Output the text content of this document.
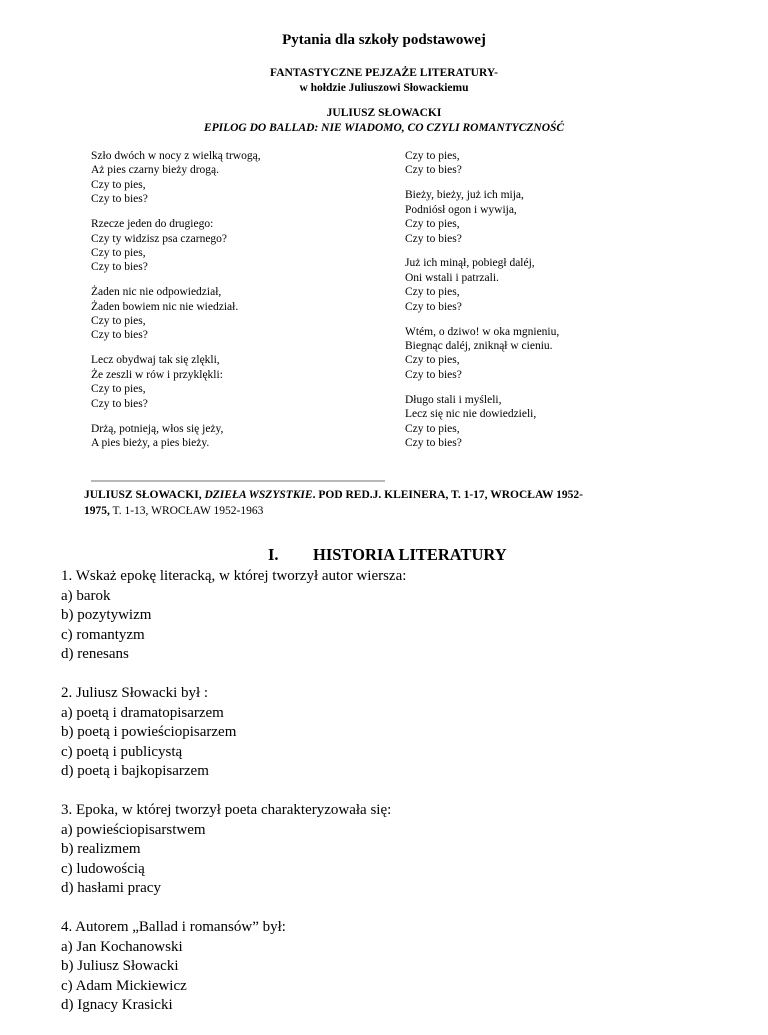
Pytania dla szkoły podstawowej
FANTASTYCZNE PEJZAŻE LITERATURY-
w hołdzie Juliuszowi Słowackiemu
JULIUSZ SŁOWACKI
EPILOG DO BALLAD: NIE WIADOMO, CO CZYLI ROMANTYCZNOŚĆ
Szło dwóch w nocy z wielką trwogą,
Aż pies czarny bieży drogą.
Czy to pies,
Czy to bies?
Rzecze jeden do drugiego:
Czy ty widzisz psa czarnego?
Czy to pies,
Czy to bies?
Żaden nic nie odpowiedział,
Żaden bowiem nic nie wiedział.
Czy to pies,
Czy to bies?
Lecz obydwaj tak się zlękli,
Że zeszli w rów i przyklękli:
Czy to pies,
Czy to bies?
Drżą, potnieją, włos się jeży,
A pies bieży, a pies bieży.
Czy to pies,
Czy to bies?
Bieży, bieży, już ich mija,
Podniósł ogon i wywija,
Czy to pies,
Czy to bies?
Już ich minął, pobiegł daléj,
Oni wstali i patrzali.
Czy to pies,
Czy to bies?
Wtém, o dziwo! w oka mgnieniu,
Biegnąc daléj, zniknął w cieniu.
Czy to pies,
Czy to bies?
Długo stali i myśleli,
Lecz się nic nie dowiedzieli,
Czy to pies,
Czy to bies?
JULIUSZ SŁOWACKI, DZIEŁA WSZYSTKIE. POD RED.J. KLEINERA, T. 1-17, WROCŁAW 1952-
1975, T. 1-13, WROCŁAW 1952-1963
I. HISTORIA LITERATURY
1. Wskaż epokę literacką, w której tworzył autor wiersza:
a) barok
b) pozytywizm
c) romantyzm
d) renesans
2. Juliusz Słowacki był :
a) poetą i dramatopisarzem
b) poetą i powieściopisarzem
c) poetą i publicystą
d) poetą i bajkopisarzem
3. Epoka, w której tworzył poeta charakteryzowała się:
a) powieściopisarstwem
b) realizmem
c) ludowością
d) hasłami pracy
4. Autorem „Ballad i romansów” był:
a) Jan Kochanowski
b) Juliusz Słowacki
c) Adam Mickiewicz
d) Ignacy Krasicki
